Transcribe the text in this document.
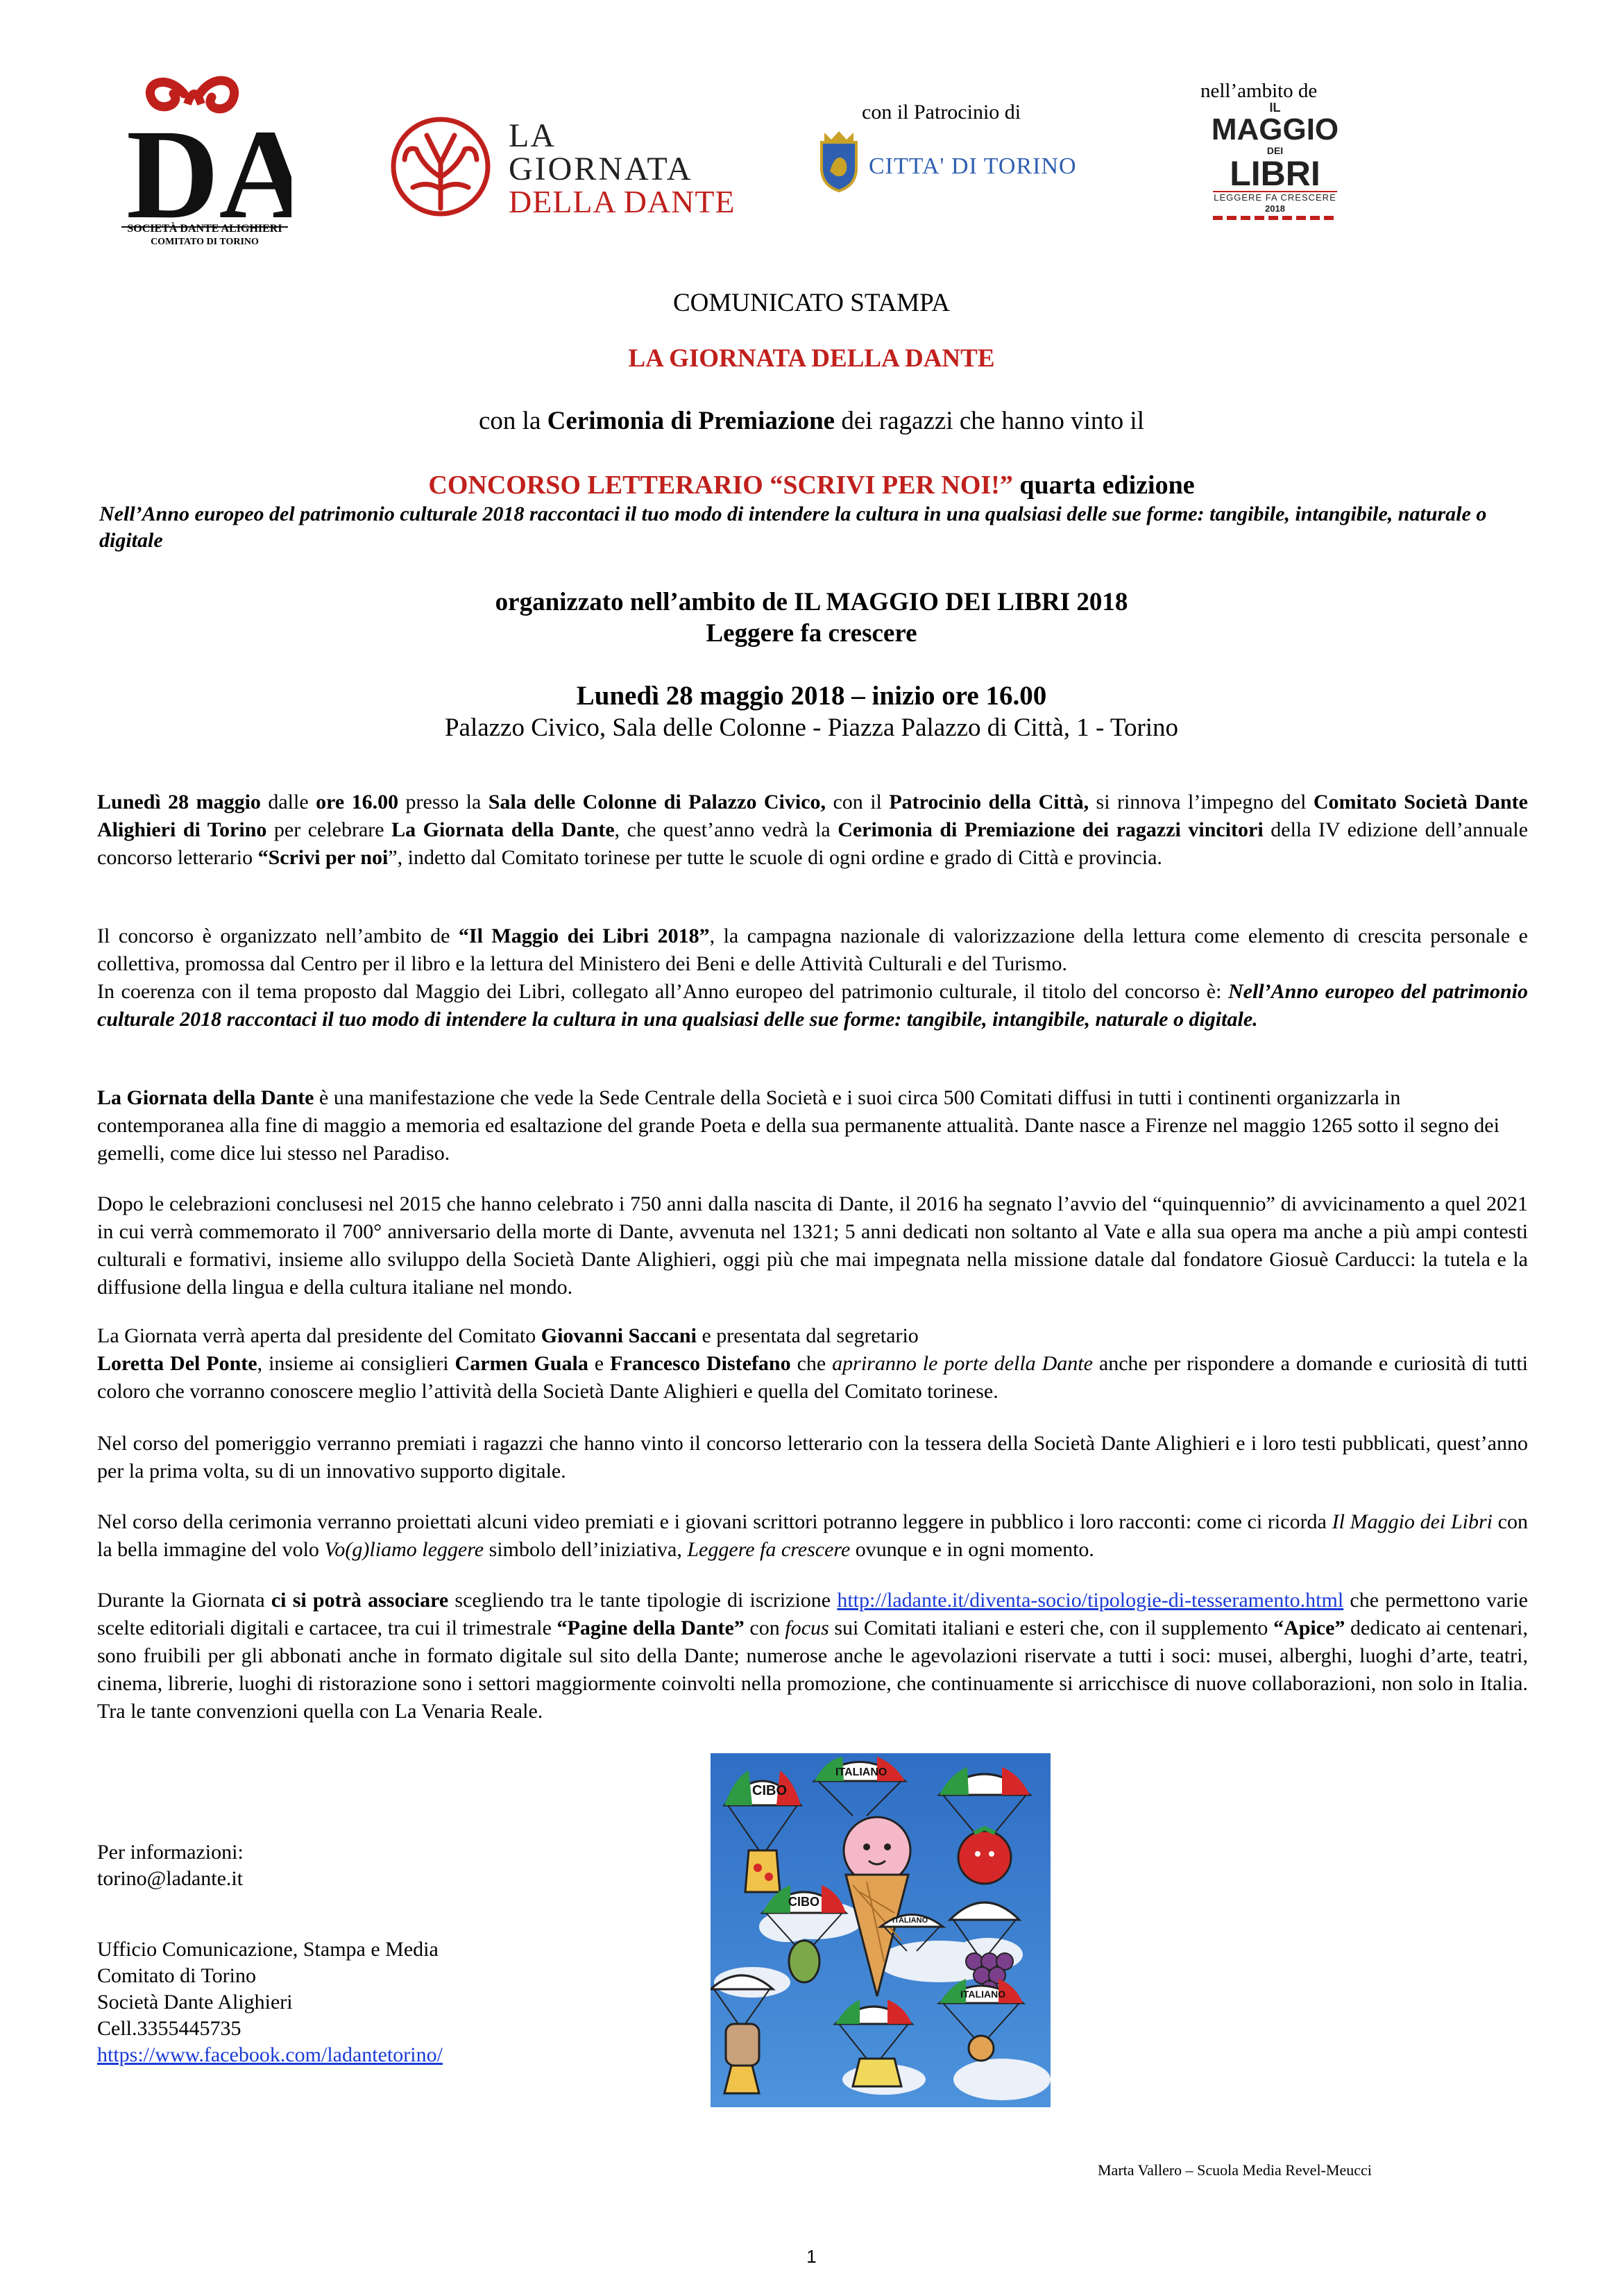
DA
SOCIETÀ DANTE ALIGHIERI
COMITATO DI TORINO
LA
GIORNATA
DELLA DANTE
con il Patrocinio di
CITTA' DI TORINO
nell’ambito de
IL
MAGGIO
DEI
LIBRI
LEGGERE FA CRESCERE
2018
COMUNICATO STAMPA
LA GIORNATA DELLA DANTE
con la Cerimonia di Premiazione dei ragazzi che hanno vinto il
CONCORSO LETTERARIO “SCRIVI PER NOI!” quarta edizione
Nell’Anno europeo del patrimonio culturale 2018 raccontaci il tuo modo di intendere la cultura in una qualsiasi delle sue forme: tangibile, intangibile, naturale o digitale
organizzato nell’ambito de IL MAGGIO DEI LIBRI 2018
Leggere fa crescere
Lunedì 28 maggio 2018 – inizio ore 16.00
Palazzo Civico, Sala delle Colonne - Piazza Palazzo di Città, 1 - Torino
Lunedì 28 maggio dalle ore 16.00 presso la Sala delle Colonne di Palazzo Civico, con il Patrocinio della Città, si rinnova l’impegno del Comitato Società Dante Alighieri di Torino per celebrare La Giornata della Dante, che quest’anno vedrà la Cerimonia di Premiazione dei ragazzi vincitori della IV edizione dell’annuale concorso letterario “Scrivi per noi”, indetto dal Comitato torinese per tutte le scuole di ogni ordine e grado di Città e provincia.
Il concorso è organizzato nell’ambito de “Il Maggio dei Libri 2018”, la campagna nazionale di valorizzazione della lettura come elemento di crescita personale e collettiva, promossa dal Centro per il libro e la lettura del Ministero dei Beni e delle Attività Culturali e del Turismo.
In coerenza con il tema proposto dal Maggio dei Libri, collegato all’Anno europeo del patrimonio culturale, il titolo del concorso è: Nell’Anno europeo del patrimonio culturale 2018 raccontaci il tuo modo di intendere la cultura in una qualsiasi delle sue forme: tangibile, intangibile, naturale o digitale.
La Giornata della Dante è una manifestazione che vede la Sede Centrale della Società e i suoi circa 500 Comitati diffusi in tutti i continenti organizzarla in contemporanea alla fine di maggio a memoria ed esaltazione del grande Poeta e della sua permanente attualità. Dante nasce a Firenze nel maggio 1265 sotto il segno dei gemelli, come dice lui stesso nel Paradiso.
Dopo le celebrazioni conclusesi nel 2015 che hanno celebrato i 750 anni dalla nascita di Dante, il 2016 ha segnato l’avvio del “quinquennio” di avvicinamento a quel 2021 in cui verrà commemorato il 700° anniversario della morte di Dante, avvenuta nel 1321; 5 anni dedicati non soltanto al Vate e alla sua opera ma anche a più ampi contesti culturali e formativi, insieme allo sviluppo della Società Dante Alighieri, oggi più che mai impegnata nella missione datale dal fondatore Giosuè Carducci: la tutela e la diffusione della lingua e della cultura italiane nel mondo.
La Giornata verrà aperta dal presidente del Comitato Giovanni Saccani e presentata dal segretario
Loretta Del Ponte, insieme ai consiglieri Carmen Guala e Francesco Distefano che apriranno le porte della Dante anche per rispondere a domande e curiosità di tutti coloro che vorranno conoscere meglio l’attività della Società Dante Alighieri e quella del Comitato torinese.
Nel corso del pomeriggio verranno premiati i ragazzi che hanno vinto il concorso letterario con la tessera della Società Dante Alighieri e i loro testi pubblicati, quest’anno per la prima volta, su di un innovativo supporto digitale.
Nel corso della cerimonia verranno proiettati alcuni video premiati e i giovani scrittori potranno leggere in pubblico i loro racconti: come ci ricorda Il Maggio dei Libri con la bella immagine del volo Vo(g)liamo leggere simbolo dell’iniziativa, Leggere fa crescere ovunque e in ogni momento.
Durante la Giornata ci si potrà associare scegliendo tra le tante tipologie di iscrizione http://ladante.it/diventa-socio/tipologie-di-tesseramento.html che permettono varie scelte editoriali digitali e cartacee, tra cui il trimestrale “Pagine della Dante” con focus sui Comitati italiani e esteri che, con il supplemento “Apice” dedicato ai centenari, sono fruibili per gli abbonati anche in formato digitale sul sito della Dante; numerose anche le agevolazioni riservate a tutti i soci: musei, alberghi, luoghi d’arte, teatri, cinema, librerie, luoghi di ristorazione sono i settori maggiormente coinvolti nella promozione, che continuamente si arricchisce di nuove collaborazioni, non solo in Italia. Tra le tante convenzioni quella con La Venaria Reale.
Per informazioni:
torino@ladante.it
Ufficio Comunicazione, Stampa e Media
Comitato di Torino
Società Dante Alighieri
Cell.3355445735
https://www.facebook.com/ladantetorino/
CIBO
ITALIANO
CIBO
ITALIANO
ITALIANO
Marta Vallero – Scuola Media Revel-Meucci
1
